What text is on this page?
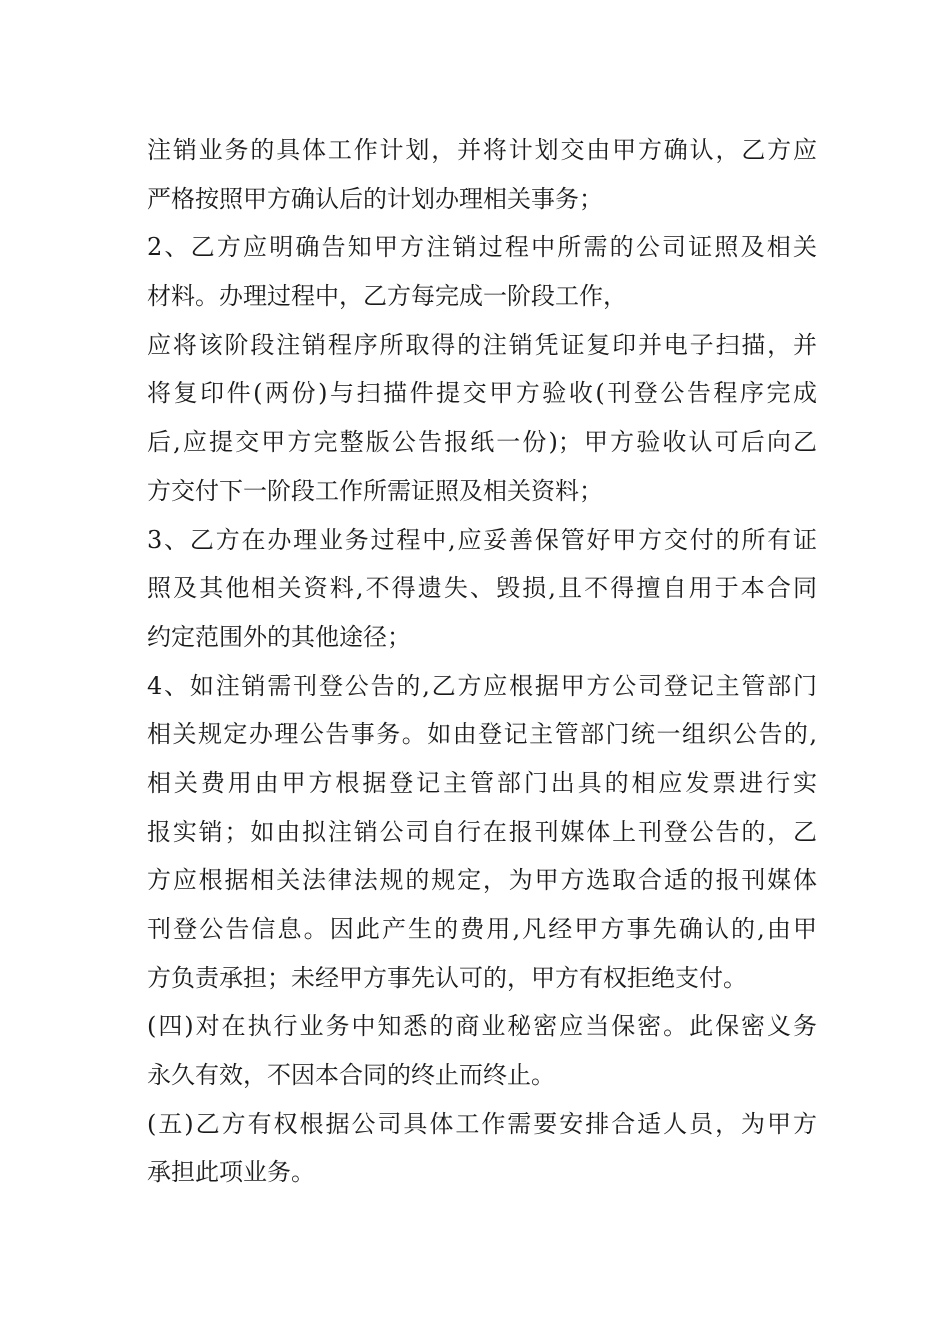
注销业务的具体工作计划，并将计划交由甲方确认，乙方应
严格按照甲方确认后的计划办理相关事务；
2、乙方应明确告知甲方注销过程中所需的公司证照及相关
材料。办理过程中，乙方每完成一阶段工作，
应将该阶段注销程序所取得的注销凭证复印并电子扫描，并
将复印件(两份)与扫描件提交甲方验收(刊登公告程序完成
后,应提交甲方完整版公告报纸一份)；甲方验收认可后向乙
方交付下一阶段工作所需证照及相关资料；
3、乙方在办理业务过程中,应妥善保管好甲方交付的所有证
照及其他相关资料,不得遗失、毁损,且不得擅自用于本合同
约定范围外的其他途径；
4、如注销需刊登公告的,乙方应根据甲方公司登记主管部门
相关规定办理公告事务。如由登记主管部门统一组织公告的,
相关费用由甲方根据登记主管部门出具的相应发票进行实
报实销；如由拟注销公司自行在报刊媒体上刊登公告的，乙
方应根据相关法律法规的规定，为甲方选取合适的报刊媒体
刊登公告信息。因此产生的费用,凡经甲方事先确认的,由甲
方负责承担；未经甲方事先认可的，甲方有权拒绝支付。
(四)对在执行业务中知悉的商业秘密应当保密。此保密义务
永久有效，不因本合同的终止而终止。
(五)乙方有权根据公司具体工作需要安排合适人员，为甲方
承担此项业务。
